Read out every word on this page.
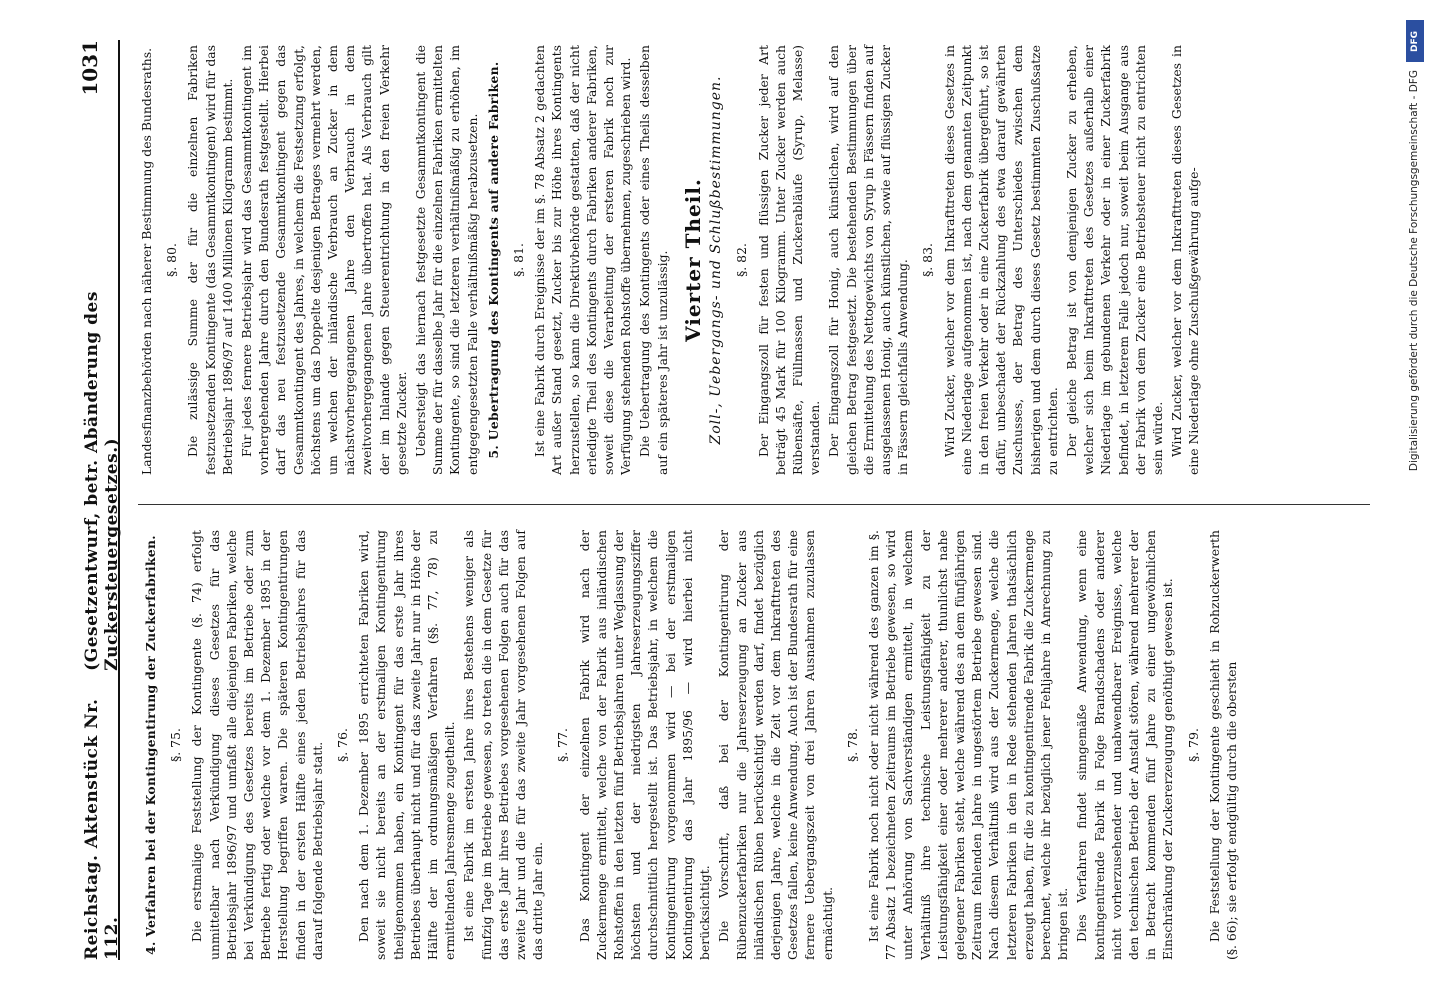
Reichstag. Aktenstück Nr. 112.
(Gesetzentwurf, betr. Abänderung des Zuckersteuergesetzes.)
1031
4. Verfahren bei der Kontingentirung der Zuckerfabriken. §. 75. Die erstmalige Feststellung der Kontingente (§. 74) erfolgt unmittelbar nach Verkündigung dieses Gesetzes für das Betriebsjahr 1896/97 und umfaßt alle diejenigen Fabriken, welche bei Verkündigung des Gesetzes bereits im Betriebe oder zum Betriebe fertig oder welche vor dem 1. Dezember 1895 in der Herstellung begriffen waren. Die späteren Kontingentirungen finden in der ersten Hälfte eines jeden Betriebsjahres für das darauf folgende Betriebsjahr statt. §. 76. Den nach dem 1. Dezember 1895 errichteten Fabriken wird, soweit sie nicht bereits an der erstmaligen Kontingentirung theilgenommen haben, ein Kontingent für das erste Jahr ihres Betriebes überhaupt nicht und für das zweite Jahr nur in Höhe der Hälfte der im ordnungsmäßigen Verfahren (§§. 77, 78) zu ermittelnden Jahresmenge zugetheilt. Ist eine Fabrik im ersten Jahre ihres Bestehens weniger als fünfzig Tage im Betriebe gewesen, so treten die in dem Gesetze für das erste Jahr ihres Betriebes vorgesehenen Folgen auch für das zweite Jahr und die für das zweite Jahr vorgesehenen Folgen auf das dritte Jahr ein.

§. 77. Das Kontingent der einzelnen Fabrik wird nach der Zuckermenge ermittelt, welche von der Fabrik aus inländischen Rohstoffen in den letzten fünf Betriebsjahren unter Weglassung der höchsten und der niedrigsten Jahreserzeugungsziffer durchschnittlich hergestellt ist. Das Betriebsjahr, in welchem die Kontingentirung vorgenommen wird — bei der erstmaligen Kontingentirung das Jahr 1895/96 — wird hierbei nicht berücksichtigt. Die Vorschrift, daß bei der Kontingentirung der Rübenzuckerfabriken nur die Jahreserzeugung an Zucker aus inländischen Rüben berücksichtigt werden darf, findet bezüglich derjenigen Jahre, welche in die Zeit vor dem Inkrafttreten des Gesetzes fallen, keine Anwendung. Auch ist der Bundesrath für eine fernere Uebergangszeit von drei Jahren Ausnahmen zuzulassen ermächtigt.

§. 78. Ist eine Fabrik noch nicht oder nicht während des ganzen im §. 77 Absatz 1 bezeichneten Zeitraums im Betriebe gewesen, so wird unter Anhörung von Sachverständigen ermittelt, in welchem Verhältniß ihre technische Leistungsfähigkeit zu der Leistungsfähigkeit einer oder mehrerer anderer, thunlichst nahe gelegener Fabriken steht, welche während des an dem fünfjährigen Zeitraum fehlenden Jahre in ungestörtem Betriebe gewesen sind. Nach diesem Verhältniß wird aus der Zuckermenge, welche die letzteren Fabriken in den in Rede stehenden Jahren thatsächlich erzeugt haben, für die zu kontingentirende Fabrik die Zuckermenge berechnet, welche ihr bezüglich jener Fehljahre in Anrechnung zu bringen ist. Dies Verfahren findet sinngemäße Anwendung, wenn eine kontingentirende Fabrik in Folge Brandschadens oder anderer nicht vorherzusehender und unabwendbarer Ereignisse, welche den technischen Betrieb der Anstalt stören, während mehrerer der in Betracht kommenden fünf Jahre zu einer ungewöhnlichen Einschränkung der Zuckererzeugung genöthigt gewesen ist. §. 79. Die Feststellung der Kontingente geschieht in Rohzuckerwerth (§. 66); sie erfolgt endgültig durch die obersten

Landesfinanzbehörden nach näherer Bestimmung des Bundesraths. §. 80. Die zulässige Summe der für die einzelnen Fabriken festzusetzenden Kontingente (das Gesammtkontingent) wird für das Betriebsjahr 1896/97 auf 1400 Millionen Kilogramm bestimmt. Für jedes fernere Betriebsjahr wird das Gesammtkontingent im vorhergehenden Jahre durch den Bundesrath festgestellt. Hierbei darf das neu festzusetzende Gesammtkontingent gegen das Gesammtkontingent des Jahres, in welchem die Festsetzung erfolgt, höchstens um das Doppelte desjenigen Betrages vermehrt werden, um welchen der inländische Verbrauch an Zucker in dem nächstvorhergegangenen Jahre den Verbrauch in dem zweitvorhergegangenen Jahre übertroffen hat. Als Verbrauch gilt der im Inlande gegen Steuerentrichtung in den freien Verkehr gesetzte Zucker. Uebersteigt das hiernach festgesetzte Gesammtkontingent die Summe der für dasselbe Jahr für die einzelnen Fabriken ermittelten Kontingente, so sind die letzteren verhältnißmäßig zu erhöhen, im entgegengesetzten Falle verhältnißmäßig herabzusetzen. 5. Uebertragung des Kontingents auf andere Fabriken. §. 81. Ist eine Fabrik durch Ereignisse der im §. 78 Absatz 2 gedachten Art außer Stand gesetzt, Zucker bis zur Höhe ihres Kontingents herzustellen, so kann die Direktivbehörde gestatten, daß der nicht erledigte Theil des Kontingents durch Fabriken anderer Fabriken, soweit diese die Verarbeitung der ersteren Fabrik noch zur Verfügung stehenden Rohstoffe übernehmen, zugeschrieben wird. Die Uebertragung des Kontingents oder eines Theils desselben auf ein späteres Jahr ist unzulässig. Vierter Theil. Zoll-, Uebergangs- und Schlußbestimmungen. §. 82. Der Eingangszoll für festen und flüssigen Zucker jeder Art beträgt 45 Mark für 100 Kilogramm. Unter Zucker werden auch Rübensäfte, Füllmassen und Zuckerabläufe (Syrup, Melasse) verstanden. Der Eingangszoll für Honig, auch künstlichen, wird auf den gleichen Betrag festgesetzt. Die bestehenden Bestimmungen über die Ermittelung des Nettogewichts von Syrup in Fässern finden auf ausgelassenen Honig, auch künstlichen, sowie auf flüssigen Zucker in Fässern gleichfalls Anwendung. §. 83. Wird Zucker, welcher vor dem Inkrafttreten dieses Gesetzes in eine Niederlage aufgenommen ist, nach dem genannten Zeitpunkt in den freien Verkehr oder in eine Zuckerfabrik übergeführt, so ist dafür, unbeschadet der Rückzahlung des etwa darauf gewährten Zuschusses, der Betrag des Unterschiedes zwischen dem bisherigen und dem durch dieses Gesetz bestimmten Zuschußsatze zu entrichten. Der gleiche Betrag ist von demjenigen Zucker zu erheben, welcher sich beim Inkrafttreten des Gesetzes außerhalb einer Niederlage im gebundenen Verkehr oder in einer Zuckerfabrik befindet, in letzterem Falle jedoch nur, soweit beim Ausgange aus der Fabrik von dem Zucker eine Betriebsteuer nicht zu entrichten sein würde. Wird Zucker, welcher vor dem Inkrafttreten dieses Gesetzes in eine Niederlage ohne Zuschußgewährung aufge-

DFG
Digitalisierung gefördert durch die Deutsche Forschungsgemeinschaft - DFG
